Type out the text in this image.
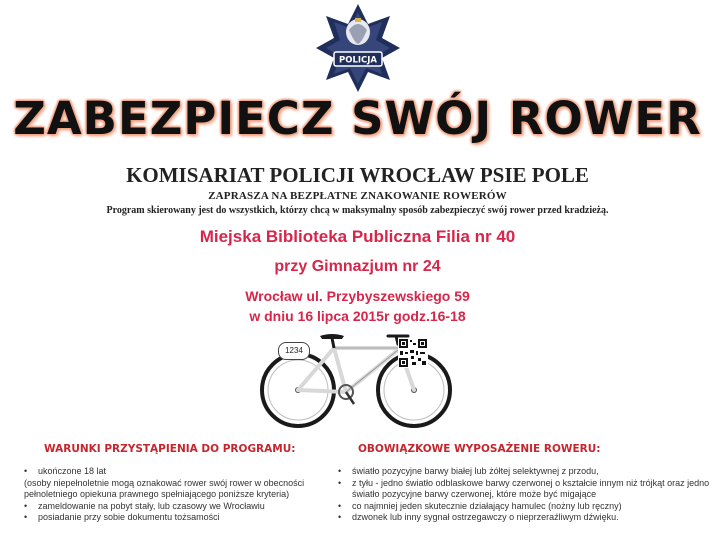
POLICJA
ZABEZPIECZ SWÓJ ROWER
KOMISARIAT POLICJI WROCŁAW PSIE POLE
ZAPRASZA NA BEZPŁATNE ZNAKOWANIE ROWERÓW
Program skierowany jest do wszystkich, którzy chcą w maksymalny sposób zabezpieczyć swój rower przed kradzieżą.
Miejska Biblioteka Publiczna Filia nr 40
przy Gimnazjum nr 24
Wrocław ul. Przybyszewskiego 59
w dniu 16 lipca 2015r godz.16-18
1234
WARUNKI PRZYSTĄPIENIA DO PROGRAMU:	OBOWIĄZKOWE WYPOSAŻENIE ROWERU:
• ukończone 18 lat
(osoby niepełnoletnie mogą oznakować rower swój rower w obecności pełnoletniego opiekuna prawnego spełniającego poniższe kryteria)
• zameldowanie na pobyt stały, lub czasowy we Wrocławiu
• posiadanie przy sobie dokumentu tożsamości
• światło pozycyjne barwy białej lub żółtej selektywnej z przodu,
• z tyłu - jedno światło odblaskowe barwy czerwonej o kształcie innym niż trójkąt oraz jedno światło pozycyjne barwy czerwonej, które może być migające
• co najmniej jeden skutecznie działający hamulec (nożny lub ręczny)
• dzwonek lub inny sygnał ostrzegawczy o nieprzeraźliwym dźwięku.
